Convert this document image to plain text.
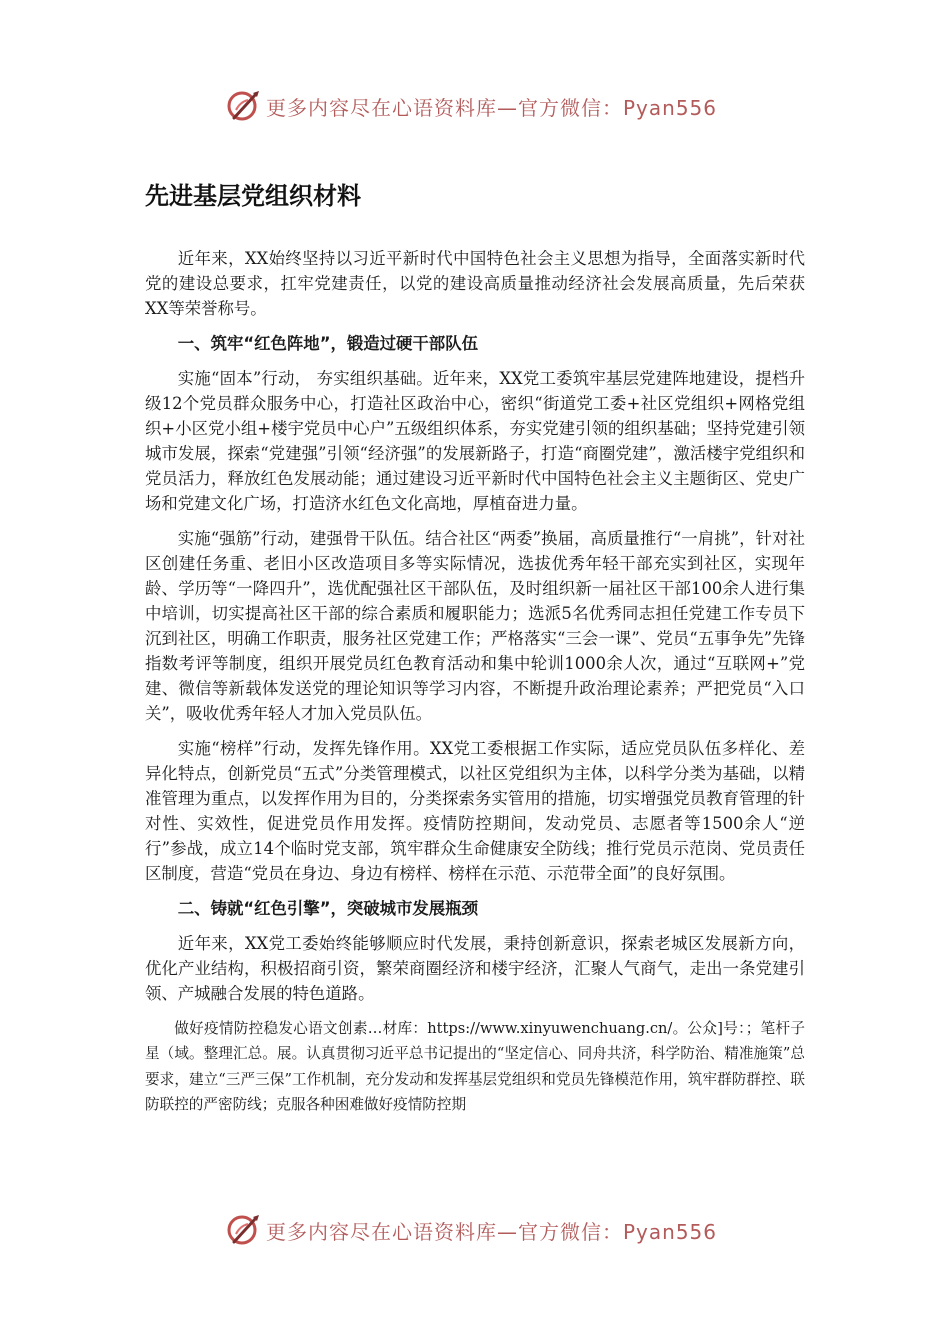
更多内容尽在心语资料库—官方微信：Pyan556
先进基层党组织材料

近年来，XX始终坚持以习近平新时代中国特色社会主义思想为指导，全面落实新时代党的建设总要求，扛牢党建责任，以党的建设高质量推动经济社会发展高质量，先后荣获XX等荣誉称号。

一、筑牢“红色阵地”，锻造过硬干部队伍

实施“固本”行动， 夯实组织基础。近年来，XX党工委筑牢基层党建阵地建设，提档升级12个党员群众服务中心，打造社区政治中心，密织“街道党工委+社区党组织+网格党组织+小区党小组+楼宇党员中心户”五级组织体系，夯实党建引领的组织基础；坚持党建引领城市发展，探索“党建强”引领“经济强”的发展新路子，打造“商圈党建”，激活楼宇党组织和党员活力，释放红色发展动能；通过建设习近平新时代中国特色社会主义主题街区、党史广场和党建文化广场，打造济水红色文化高地，厚植奋进力量。

实施“强筋”行动，建强骨干队伍。结合社区“两委”换届，高质量推行“一肩挑”，针对社区创建任务重、老旧小区改造项目多等实际情况，选拔优秀年轻干部充实到社区，实现年龄、学历等“一降四升”，选优配强社区干部队伍，及时组织新一届社区干部100余人进行集中培训，切实提高社区干部的综合素质和履职能力；选派5名优秀同志担任党建工作专员下沉到社区，明确工作职责，服务社区党建工作；严格落实“三会一课”、党员“五事争先”先锋指数考评等制度，组织开展党员红色教育活动和集中轮训1000余人次，通过“互联网+”党建、微信等新载体发送党的理论知识等学习内容，不断提升政治理论素养；严把党员“入口关”，吸收优秀年轻人才加入党员队伍。

实施“榜样”行动，发挥先锋作用。XX党工委根据工作实际，适应党员队伍多样化、差异化特点，创新党员“五式”分类管理模式，以社区党组织为主体，以科学分类为基础，以精准管理为重点，以发挥作用为目的，分类探索务实管用的措施，切实增强党员教育管理的针对性、实效性，促进党员作用发挥。疫情防控期间，发动党员、志愿者等1500余人“逆行”参战，成立14个临时党支部，筑牢群众生命健康安全防线；推行党员示范岗、党员责任区制度，营造“党员在身边、身边有榜样、榜样在示范、示范带全面”的良好氛围。

二、铸就“红色引擎”，突破城市发展瓶颈

近年来，XX党工委始终能够顺应时代发展，秉持创新意识，探索老城区发展新方向，优化产业结构，积极招商引资，繁荣商圈经济和楼宇经济，汇聚人气商气，走出一条党建引领、产城融合发展的特色道路。

做好疫情防控稳发心语文创素…材库：https://www.xinyuwenchuang.cn/。公众]号：；笔杆子星（域。整理汇总。展。认真贯彻习近平总书记提出的“坚定信心、同舟共济，科学防治、精准施策”总要求，建立“三严三保”工作机制，充分发动和发挥基层党组织和党员先锋模范作用，筑牢群防群控、联防联控的严密防线；克服各种困难做好疫情防控期

更多内容尽在心语资料库—官方微信：Pyan556
